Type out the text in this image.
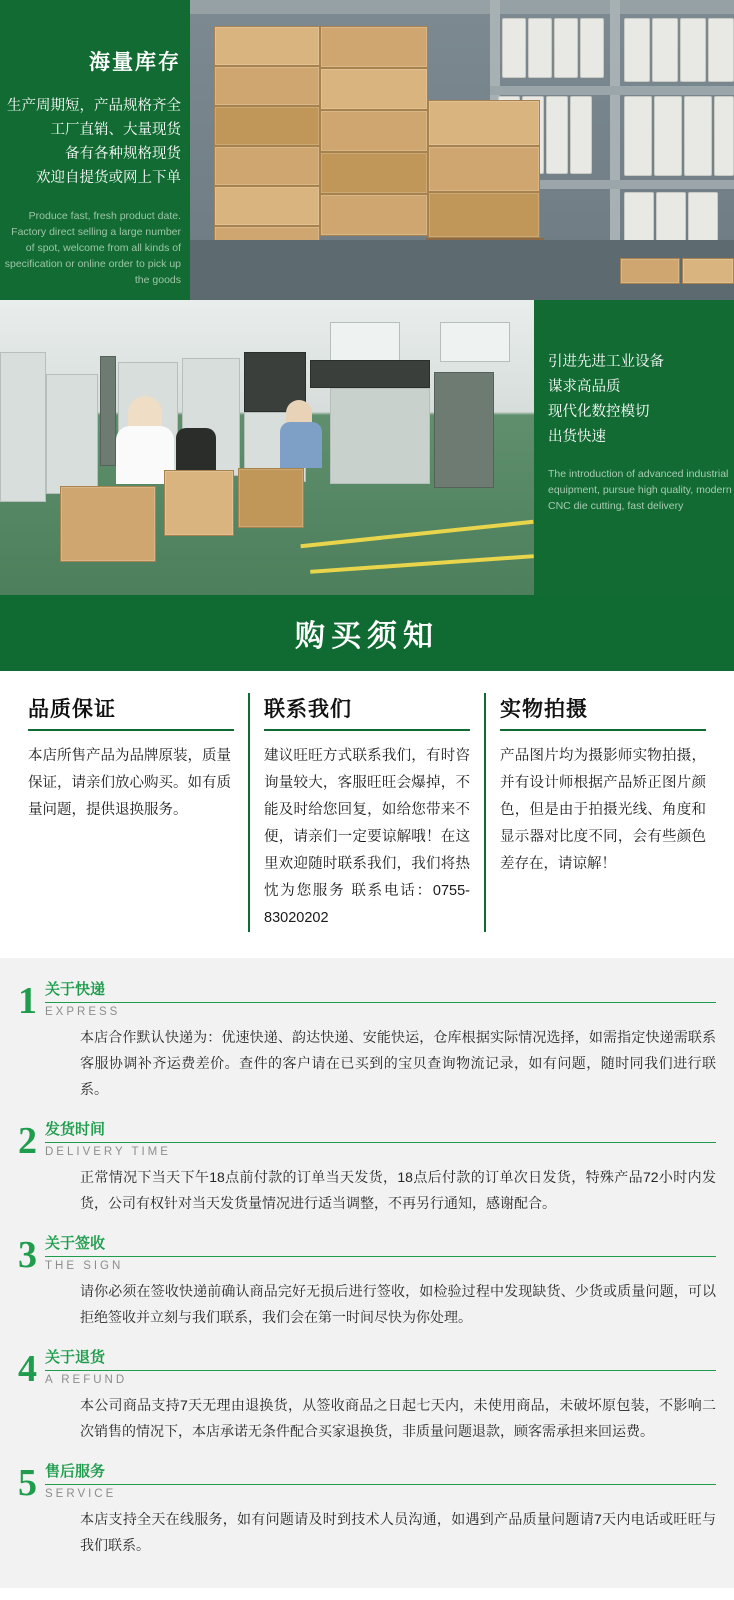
海量库存
生产周期短，产品规格齐全
工厂直销、大量现货
备有各种规格现货
欢迎自提货或网上下单
Produce fast, fresh product date. Factory direct selling a large number of spot, welcome from all kinds of specification or online order to pick up the goods
引进先进工业设备
谋求高品质
现代化数控模切
出货快速
The introduction of advanced industrial equipment, pursue high quality, modern CNC die cutting, fast delivery
购买须知
品质保证

本店所售产品为品牌原装，质量保证，请亲们放心购买。如有质量问题，提供退换服务。

联系我们

建议旺旺方式联系我们，有时咨询量较大，客服旺旺会爆掉，不能及时给您回复，如给您带来不便，请亲们一定要谅解哦！在这里欢迎随时联系我们，我们将热忱为您服务 联系电话：0755-83020202

实物拍摄

产品图片均为摄影师实物拍摄，并有设计师根据产品矫正图片颜色，但是由于拍摄光线、角度和显示器对比度不同，会有些颜色差存在，请谅解！

1 关于快递
EXPRESS

本店合作默认快递为：优速快递、韵达快递、安能快运，仓库根据实际情况选择，如需指定快递需联系客服协调补齐运费差价。查件的客户请在已买到的宝贝查询物流记录，如有问题，随时同我们进行联系。

2 发货时间
DELIVERY TIME

正常情况下当天下午18点前付款的订单当天发货，18点后付款的订单次日发货，特殊产品72小时内发货，公司有权针对当天发货量情况进行适当调整，不再另行通知，感谢配合。

3 关于签收
THE SIGN

请你必须在签收快递前确认商品完好无损后进行签收，如检验过程中发现缺货、少货或质量问题，可以拒绝签收并立刻与我们联系，我们会在第一时间尽快为你处理。

4 关于退货
A REFUND

本公司商品支持7天无理由退换货，从签收商品之日起七天内，未使用商品，未破坏原包装，不影响二次销售的情况下，本店承诺无条件配合买家退换货，非质量问题退款，顾客需承担来回运费。

5 售后服务
SERVICE

本店支持全天在线服务，如有问题请及时到技术人员沟通，如遇到产品质量问题请7天内电话或旺旺与我们联系。
